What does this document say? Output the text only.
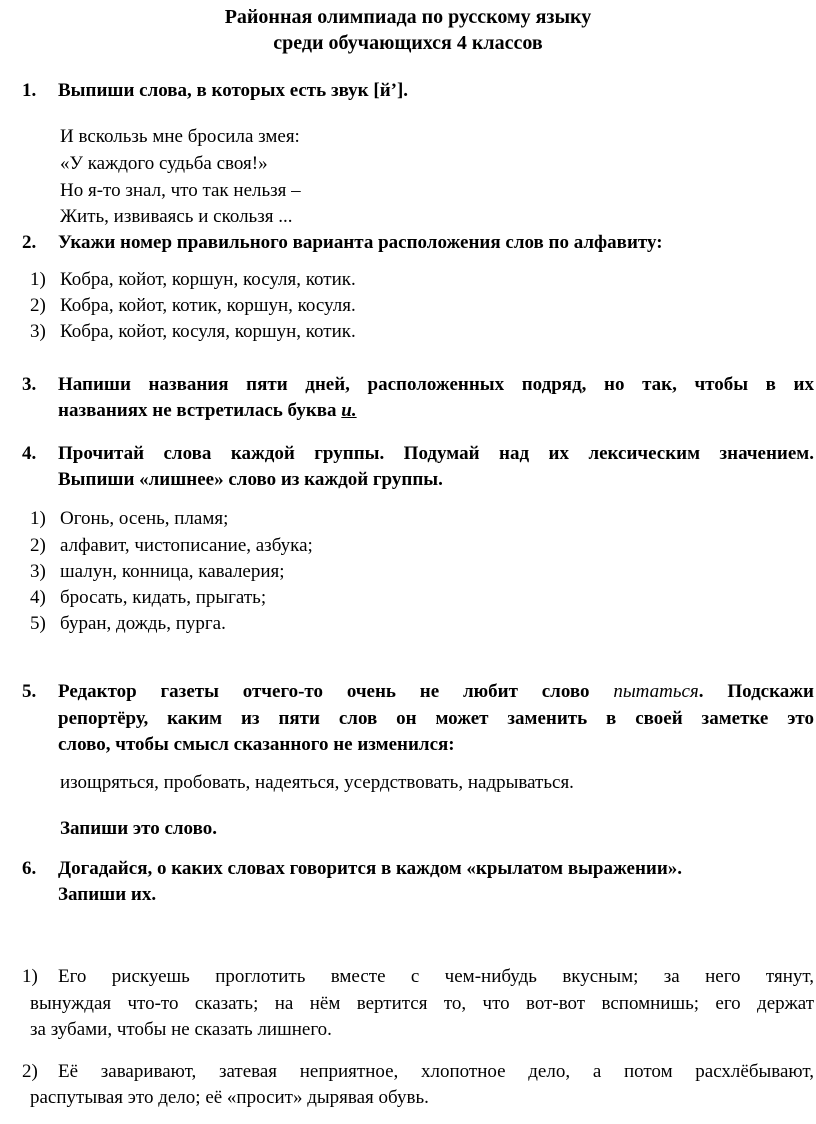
Районная олимпиада по русскому языку
среди обучающихся 4 классов
1. Выпиши слова, в которых есть звук [й’].
И вскользь мне бросила змея:
«У каждого судьба своя!»
Но я-то знал, что так нельзя –
Жить, извиваясь и скользя ...
2. Укажи номер правильного варианта расположения слов по алфавиту:
1) Кобра, койот, коршун, косуля, котик.
2) Кобра, койот, котик, коршун, косуля.
3) Кобра, койот, косуля, коршун, котик.
3. Напиши названия пяти дней, расположенных подряд, но так, чтобы в их
названиях не встретилась буква и.
4. Прочитай слова каждой группы. Подумай над их лексическим значением.
Выпиши «лишнее» слово из каждой группы.
1) Огонь, осень, пламя;
2) алфавит, чистописание, азбука;
3) шалун, конница, кавалерия;
4) бросать, кидать, прыгать;
5) буран, дождь, пурга.
5. Редактор газеты отчего-то очень не любит слово пытаться. Подскажи
репортёру, каким из пяти слов он может заменить в своей заметке это
слово, чтобы смысл сказанного не изменился:
изощряться, пробовать, надеяться, усердствовать, надрываться.
Запиши это слово.
6. Догадайся, о каких словах говорится в каждом «крылатом выражении».
Запиши их.
1) Его рискуешь проглотить вместе с чем-нибудь вкусным; за него тянут,
вынуждая что-то сказать; на нём вертится то, что вот-вот вспомнишь; его держат
за зубами, чтобы не сказать лишнего.
2) Её заваривают, затевая неприятное, хлопотное дело, а потом расхлёбывают,
распутывая это дело; её «просит» дырявая обувь.
